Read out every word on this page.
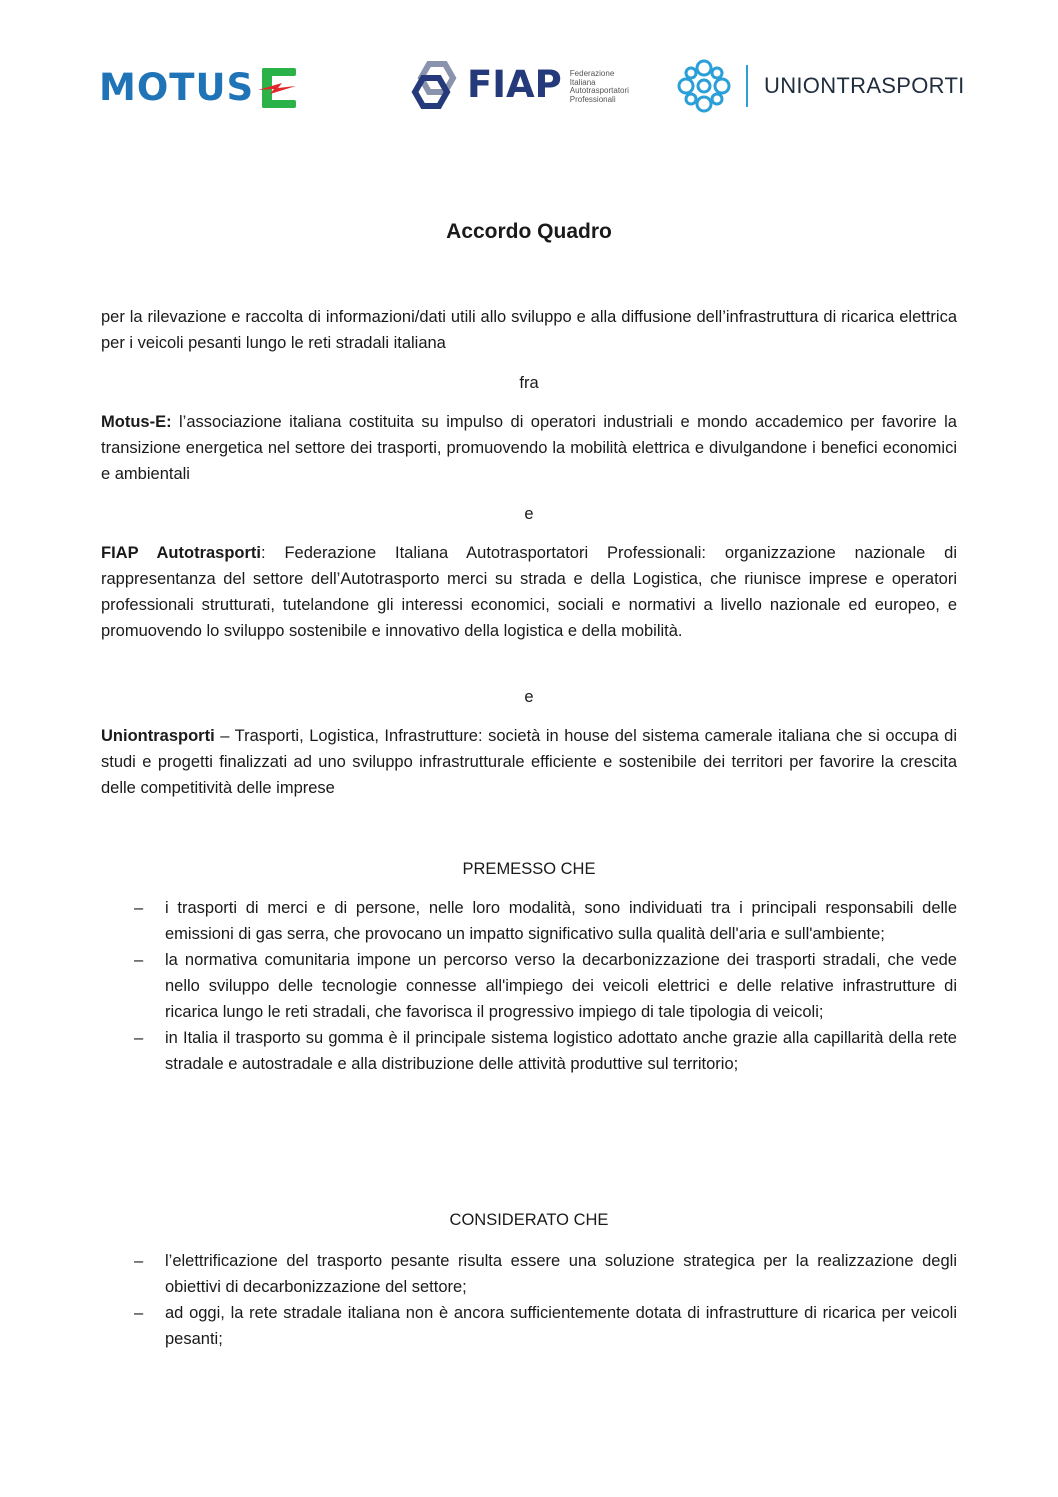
MOTUS	FIAP Federazione
Italiana
Autotrasportatori
Professionali
UNIONTRASPORTI
Accordo Quadro

per la rilevazione e raccolta di informazioni/dati utili allo sviluppo e alla diffusione dell’infrastruttura di ricarica elettrica per i veicoli pesanti lungo le reti stradali italiana

fra

Motus-E: l’associazione italiana costituita su impulso di operatori industriali e mondo accademico per favorire la transizione energetica nel settore dei trasporti, promuovendo la mobilità elettrica e divulgandone i benefici economici e ambientali

e

FIAP Autotrasporti: Federazione Italiana Autotrasportatori Professionali: organizzazione nazionale di rappresentanza del settore dell’Autotrasporto merci su strada e della Logistica, che riunisce imprese e operatori professionali strutturati, tutelandone gli interessi economici, sociali e normativi a livello nazionale ed europeo, e promuovendo lo sviluppo sostenibile e innovativo della logistica e della mobilità.

e

Uniontrasporti – Trasporti, Logistica, Infrastrutture: società in house del sistema camerale italiana che si occupa di studi e progetti finalizzati ad uno sviluppo infrastrutturale efficiente e sostenibile dei territori per favorire la crescita delle competitività delle imprese

PREMESSO CHE
– i trasporti di merci e di persone, nelle loro modalità, sono individuati tra i principali responsabili delle emissioni di gas serra, che provocano un impatto significativo sulla qualità dell'aria e sull'ambiente;
– la normativa comunitaria impone un percorso verso la decarbonizzazione dei trasporti stradali, che vede nello sviluppo delle tecnologie connesse all'impiego dei veicoli elettrici e delle relative infrastrutture di ricarica lungo le reti stradali, che favorisca il progressivo impiego di tale tipologia di veicoli;
– in Italia il trasporto su gomma è il principale sistema logistico adottato anche grazie alla capillarità della rete stradale e autostradale e alla distribuzione delle attività produttive sul territorio;
CONSIDERATO CHE
– l’elettrificazione del trasporto pesante risulta essere una soluzione strategica per la realizzazione degli obiettivi di decarbonizzazione del settore;
– ad oggi, la rete stradale italiana non è ancora sufficientemente dotata di infrastrutture di ricarica per veicoli pesanti;
